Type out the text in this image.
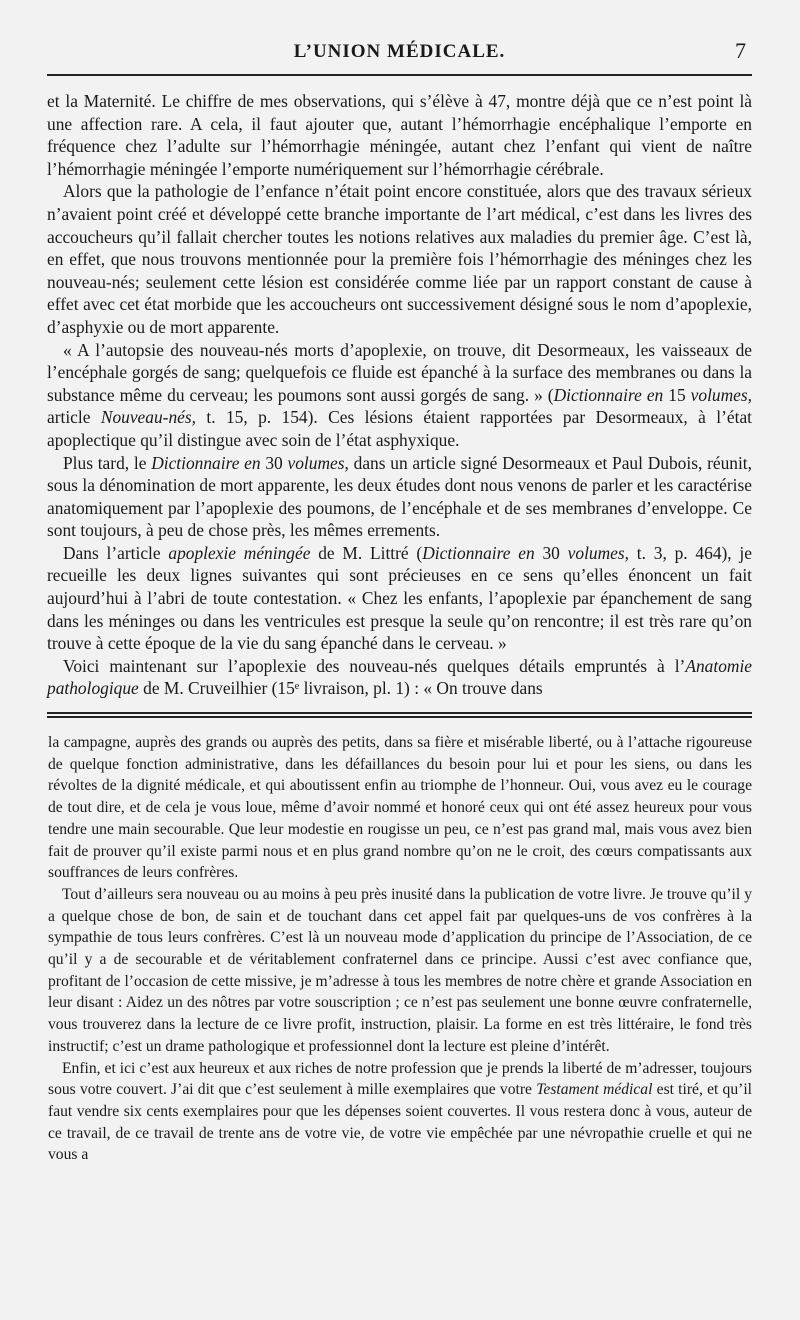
L’UNION MÉDICALE.	7

et la Maternité. Le chiffre de mes observations, qui s’élève à 47, montre déjà que ce n’est point là une affection rare. A cela, il faut ajouter que, autant l’hémorrhagie encéphalique l’emporte en fréquence chez l’adulte sur l’hémorrhagie méningée, autant chez l’enfant qui vient de naître l’hémorrhagie méningée l’emporte numériquement sur l’hémorrhagie cérébrale.

Alors que la pathologie de l’enfance n’était point encore constituée, alors que des travaux sérieux n’avaient point créé et développé cette branche importante de l’art médical, c’est dans les livres des accoucheurs qu’il fallait chercher toutes les notions relatives aux maladies du premier âge. C’est là, en effet, que nous trouvons mentionnée pour la première fois l’hémorrhagie des méninges chez les nouveau-nés; seulement cette lésion est considérée comme liée par un rapport constant de cause à effet avec cet état morbide que les accoucheurs ont successivement désigné sous le nom d’apoplexie, d’asphyxie ou de mort apparente.

« A l’autopsie des nouveau-nés morts d’apoplexie, on trouve, dit Desormeaux, les vaisseaux de l’encéphale gorgés de sang; quelquefois ce fluide est épanché à la surface des membranes ou dans la substance même du cerveau; les poumons sont aussi gorgés de sang. » (Dictionnaire en 15 volumes, article Nouveau-nés, t. 15, p. 154). Ces lésions étaient rapportées par Desormeaux, à l’état apoplectique qu’il distingue avec soin de l’état asphyxique.

Plus tard, le Dictionnaire en 30 volumes, dans un article signé Desormeaux et Paul Dubois, réunit, sous la dénomination de mort apparente, les deux études dont nous venons de parler et les caractérise anatomiquement par l’apoplexie des poumons, de l’encéphale et de ses membranes d’enveloppe. Ce sont toujours, à peu de chose près, les mêmes errements.

Dans l’article apoplexie méningée de M. Littré (Dictionnaire en 30 volumes, t. 3, p. 464), je recueille les deux lignes suivantes qui sont précieuses en ce sens qu’elles énoncent un fait aujourd’hui à l’abri de toute contestation. « Chez les enfants, l’apoplexie par épanchement de sang dans les méninges ou dans les ventricules est presque la seule qu’on rencontre; il est très rare qu’on trouve à cette époque de la vie du sang épanché dans le cerveau. »

Voici maintenant sur l’apoplexie des nouveau-nés quelques détails empruntés à l’Anatomie pathologique de M. Cruveilhier (15ᵉ livraison, pl. 1) : « On trouve dans

la campagne, auprès des grands ou auprès des petits, dans sa fière et misérable liberté, ou à l’attache rigoureuse de quelque fonction administrative, dans les défaillances du besoin pour lui et pour les siens, ou dans les révoltes de la dignité médicale, et qui aboutissent enfin au triomphe de l’honneur. Oui, vous avez eu le courage de tout dire, et de cela je vous loue, même d’avoir nommé et honoré ceux qui ont été assez heureux pour vous tendre une main secourable. Que leur modestie en rougisse un peu, ce n’est pas grand mal, mais vous avez bien fait de prouver qu’il existe parmi nous et en plus grand nombre qu’on ne le croit, des cœurs compatissants aux souffrances de leurs confrères.

Tout d’ailleurs sera nouveau ou au moins à peu près inusité dans la publication de votre livre. Je trouve qu’il y a quelque chose de bon, de sain et de touchant dans cet appel fait par quelques-uns de vos confrères à la sympathie de tous leurs confrères. C’est là un nouveau mode d’application du principe de l’Association, de ce qu’il y a de secourable et de véritablement confraternel dans ce principe. Aussi c’est avec confiance que, profitant de l’occasion de cette missive, je m’adresse à tous les membres de notre chère et grande Association en leur disant : Aidez un des nôtres par votre souscription ; ce n’est pas seulement une bonne œuvre confraternelle, vous trouverez dans la lecture de ce livre profit, instruction, plaisir. La forme en est très littéraire, le fond très instructif; c’est un drame pathologique et professionnel dont la lecture est pleine d’intérêt.

Enfin, et ici c’est aux heureux et aux riches de notre profession que je prends la liberté de m’adresser, toujours sous votre couvert. J’ai dit que c’est seulement à mille exemplaires que votre Testament médical est tiré, et qu’il faut vendre six cents exemplaires pour que les dépenses soient couvertes. Il vous restera donc à vous, auteur de ce travail, de ce travail de trente ans de votre vie, de votre vie empêchée par une névropathie cruelle et qui ne vous a
